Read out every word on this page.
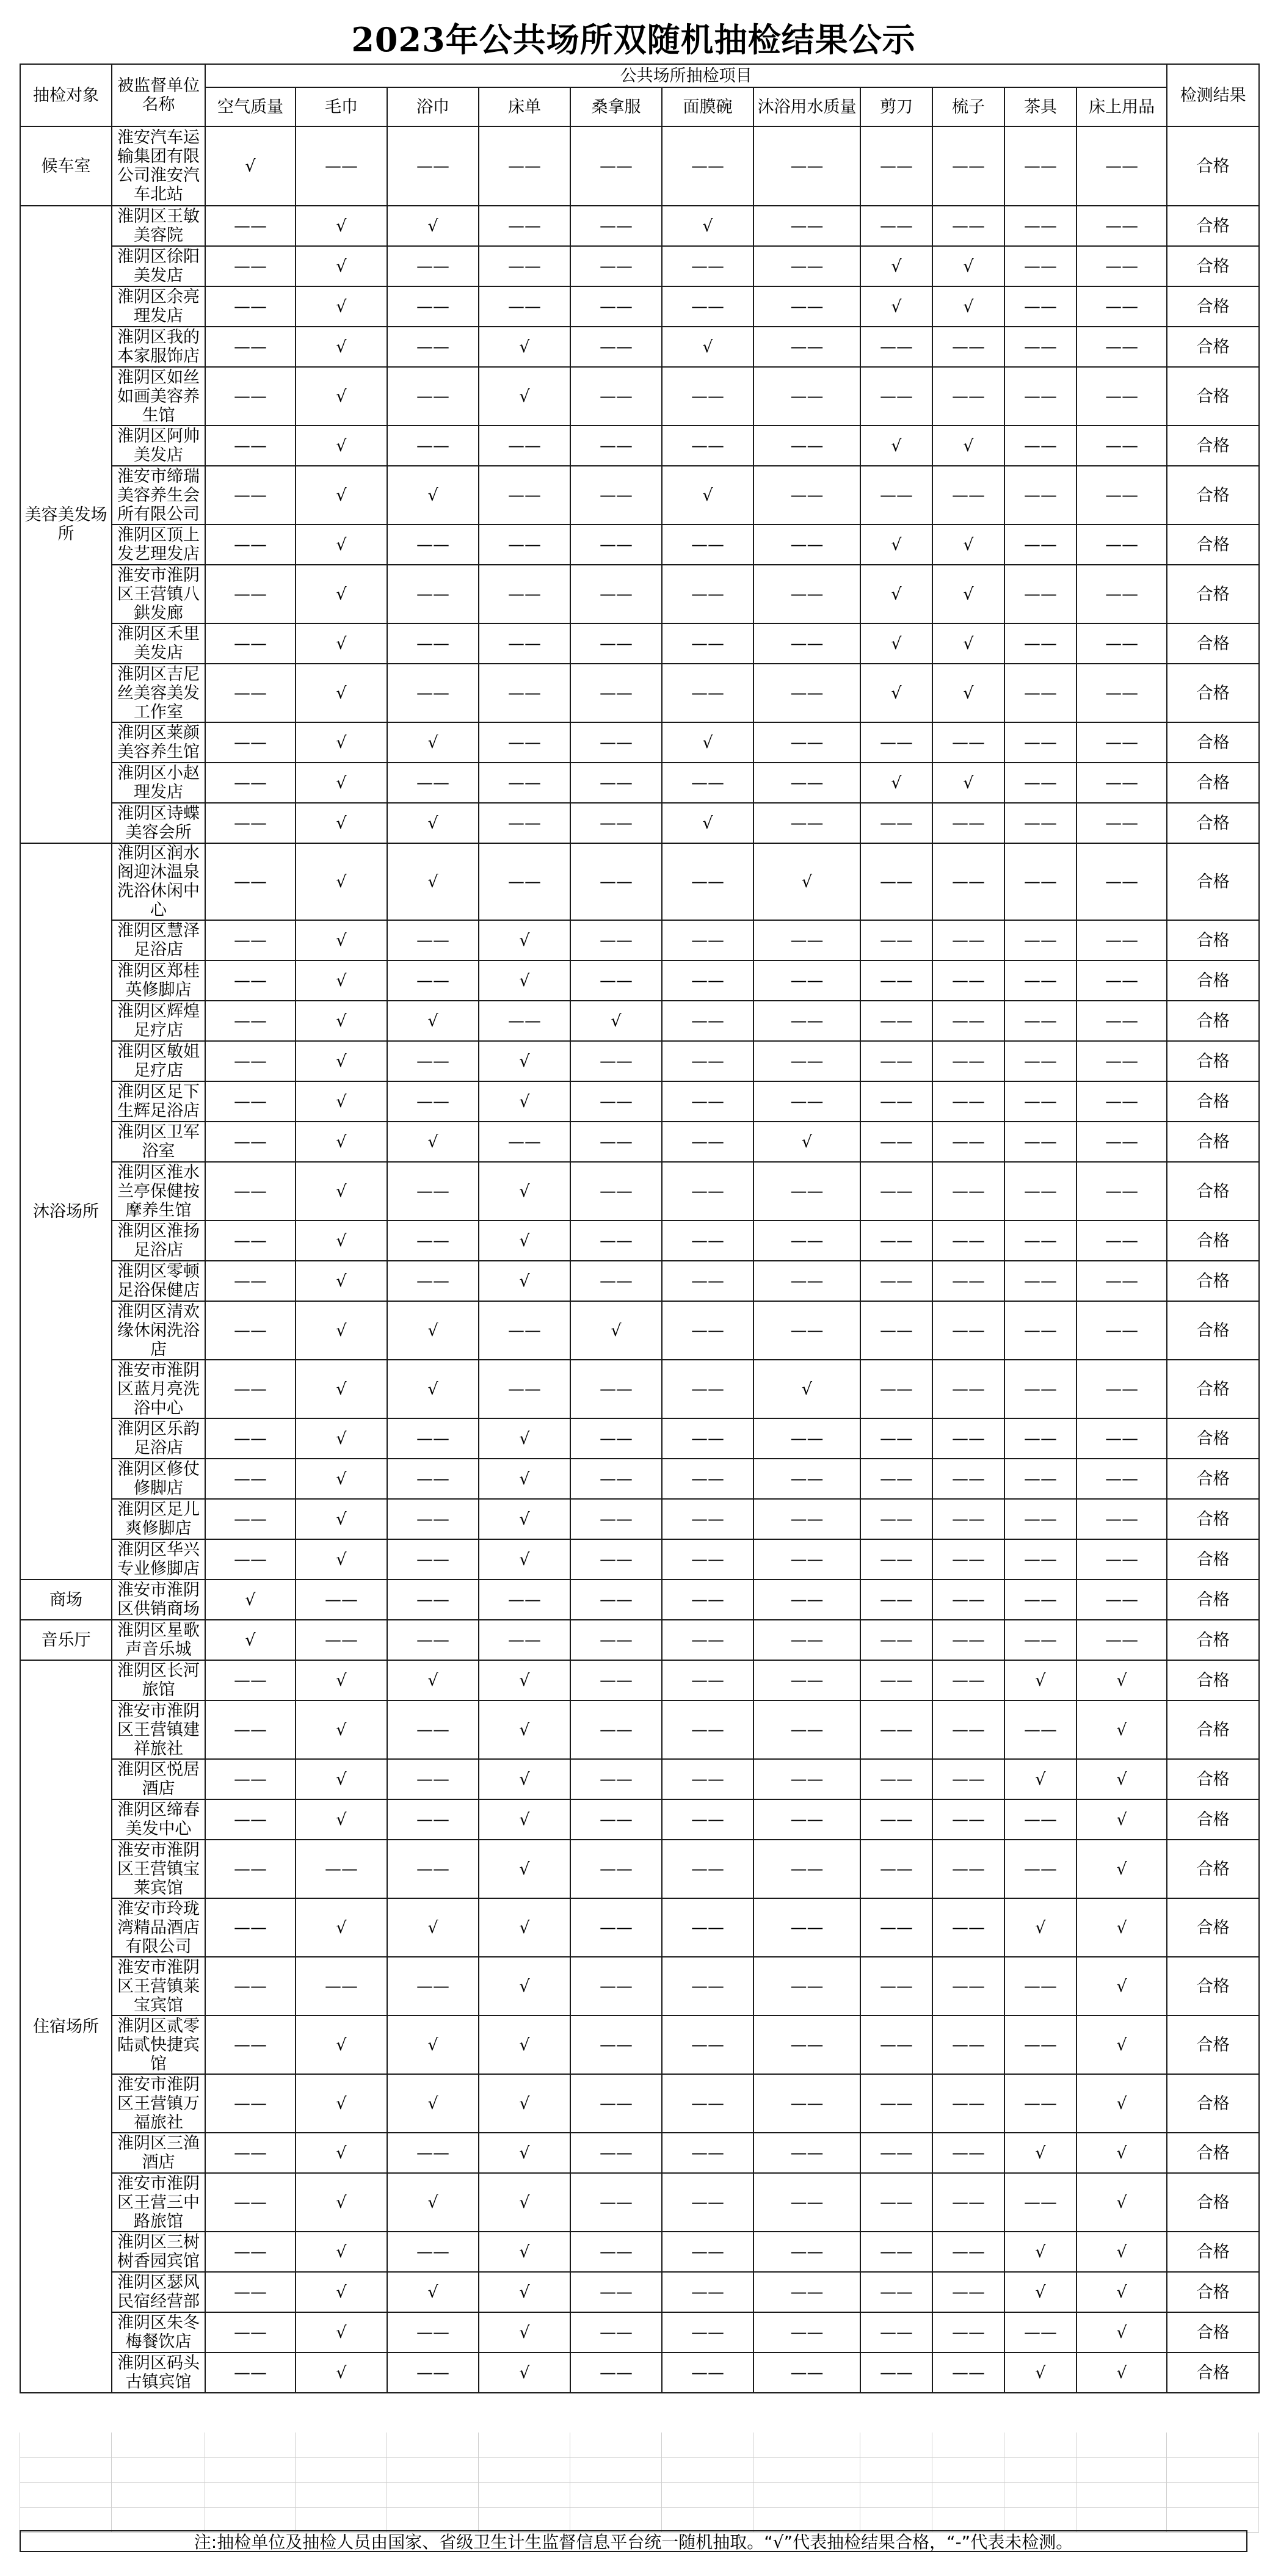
2023年公共场所双随机抽检结果公示
抽检对象	被监督单位名称	公共场所抽检项目											检测结果
		空气质量	毛巾	浴巾	床单	桑拿服	面膜碗	沐浴用水质量	剪刀	梳子	茶具	床上用品	
候车室	淮安汽车运输集团有限公司淮安汽车北站	√	——	——	——	——	——	——	——	——	——	——	合格
美容美发场所	淮阴区王敏美容院	——	√	√	——	——	√	——	——	——	——	——	合格
	淮阴区徐阳美发店	——	√	——	——	——	——	——	√	√	——	——	合格
	淮阴区余亮理发店	——	√	——	——	——	——	——	√	√	——	——	合格
	淮阴区我的本家服饰店	——	√	——	√	——	√	——	——	——	——	——	合格
	淮阴区如丝如画美容养生馆	——	√	——	√	——	——	——	——	——	——	——	合格
	淮阴区阿帅美发店	——	√	——	——	——	——	——	√	√	——	——	合格
	淮安市缔瑞美容养生会所有限公司	——	√	√	——	——	√	——	——	——	——	——	合格
	淮阴区顶上发艺理发店	——	√	——	——	——	——	——	√	√	——	——	合格
	淮安市淮阴区王营镇八鉷发廊	——	√	——	——	——	——	——	√	√	——	——	合格
	淮阴区禾里美发店	——	√	——	——	——	——	——	√	√	——	——	合格
	淮阴区吉尼丝美容美发工作室	——	√	——	——	——	——	——	√	√	——	——	合格
	淮阴区莱颜美容养生馆	——	√	√	——	——	√	——	——	——	——	——	合格
	淮阴区小赵理发店	——	√	——	——	——	——	——	√	√	——	——	合格
	淮阴区诗蝶美容会所	——	√	√	——	——	√	——	——	——	——	——	合格
沐浴场所	淮阴区润水阁迎沐温泉洗浴休闲中心	——	√	√	——	——	——	√	——	——	——	——	合格
	淮阴区慧泽足浴店	——	√	——	√	——	——	——	——	——	——	——	合格
	淮阴区郑桂英修脚店	——	√	——	√	——	——	——	——	——	——	——	合格
	淮阴区辉煌足疗店	——	√	√	——	√	——	——	——	——	——	——	合格
	淮阴区敏姐足疗店	——	√	——	√	——	——	——	——	——	——	——	合格
	淮阴区足下生辉足浴店	——	√	——	√	——	——	——	——	——	——	——	合格
	淮阴区卫军浴室	——	√	√	——	——	——	√	——	——	——	——	合格
	淮阴区淮水兰亭保健按摩养生馆	——	√	——	√	——	——	——	——	——	——	——	合格
	淮阴区淮扬足浴店	——	√	——	√	——	——	——	——	——	——	——	合格
	淮阴区零顿足浴保健店	——	√	——	√	——	——	——	——	——	——	——	合格
	淮阴区清欢缘休闲洗浴店	——	√	√	——	√	——	——	——	——	——	——	合格
	淮安市淮阴区蓝月亮洗浴中心	——	√	√	——	——	——	√	——	——	——	——	合格
	淮阴区乐韵足浴店	——	√	——	√	——	——	——	——	——	——	——	合格
	淮阴区修仗修脚店	——	√	——	√	——	——	——	——	——	——	——	合格
	淮阴区足儿爽修脚店	——	√	——	√	——	——	——	——	——	——	——	合格
	淮阴区华兴专业修脚店	——	√	——	√	——	——	——	——	——	——	——	合格
商场	淮安市淮阴区供销商场	√	——	——	——	——	——	——	——	——	——	——	合格
音乐厅	淮阴区星歌声音乐城	√	——	——	——	——	——	——	——	——	——	——	合格
住宿场所	淮阴区长河旅馆	——	√	√	√	——	——	——	——	——	√	√	合格
	淮安市淮阴区王营镇建祥旅社	——	√	——	√	——	——	——	——	——	——	√	合格
	淮阴区悦居酒店	——	√	——	√	——	——	——	——	——	√	√	合格
	淮阴区缔春美发中心	——	√	——	√	——	——	——	——	——	——	√	合格
	淮安市淮阴区王营镇宝莱宾馆	——	——	——	√	——	——	——	——	——	——	√	合格
	淮安市玲珑湾精品酒店有限公司	——	√	√	√	——	——	——	——	——	√	√	合格
	淮安市淮阴区王营镇莱宝宾馆	——	——	——	√	——	——	——	——	——	——	√	合格
	淮阴区贰零陆贰快捷宾馆	——	√	√	√	——	——	——	——	——	——	√	合格
	淮安市淮阴区王营镇万福旅社	——	√	√	√	——	——	——	——	——	——	√	合格
	淮阴区三渔酒店	——	√	——	√	——	——	——	——	——	√	√	合格
	淮安市淮阴区王营三中路旅馆	——	√	√	√	——	——	——	——	——	——	√	合格
	淮阴区三树树香园宾馆	——	√	——	√	——	——	——	——	——	√	√	合格
	淮阴区瑟风民宿经营部	——	√	√	√	——	——	——	——	——	√	√	合格
	淮阴区朱冬梅餐饮店	——	√	——	√	——	——	——	——	——	——	√	合格
	淮阴区码头古镇宾馆	——	√	——	√	——	——	——	——	——	√	√	合格

注:抽检单位及抽检人员由国家、省级卫生计生监督信息平台统一随机抽取。“√”代表抽检结果合格，“-”代表未检测。
